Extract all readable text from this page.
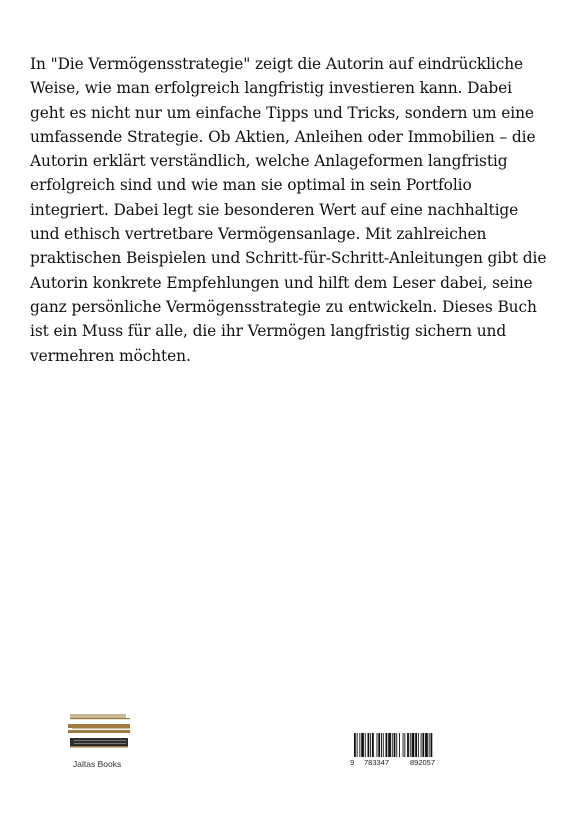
In "Die Vermögensstrategie" zeigt die Autorin auf eindrückliche Weise, wie man erfolgreich langfristig investieren kann. Dabei geht es nicht nur um einfache Tipps und Tricks, sondern um eine umfassende Strategie. Ob Aktien, Anleihen oder Immobilien – die Autorin erklärt verständlich, welche Anlageformen langfristig erfolgreich sind und wie man sie optimal in sein Portfolio integriert. Dabei legt sie besonderen Wert auf eine nachhaltige und ethisch vertretbare Vermögensanlage. Mit zahlreichen praktischen Beispielen und Schritt-für-Schritt-Anleitungen gibt die Autorin konkrete Empfehlungen und hilft dem Leser dabei, seine ganz persönliche Vermögensstrategie zu entwickeln. Dieses Buch ist ein Muss für alle, die ihr Vermögen langfristig sichern und vermehren möchten.

Jaltas Books	9 783347	892057
